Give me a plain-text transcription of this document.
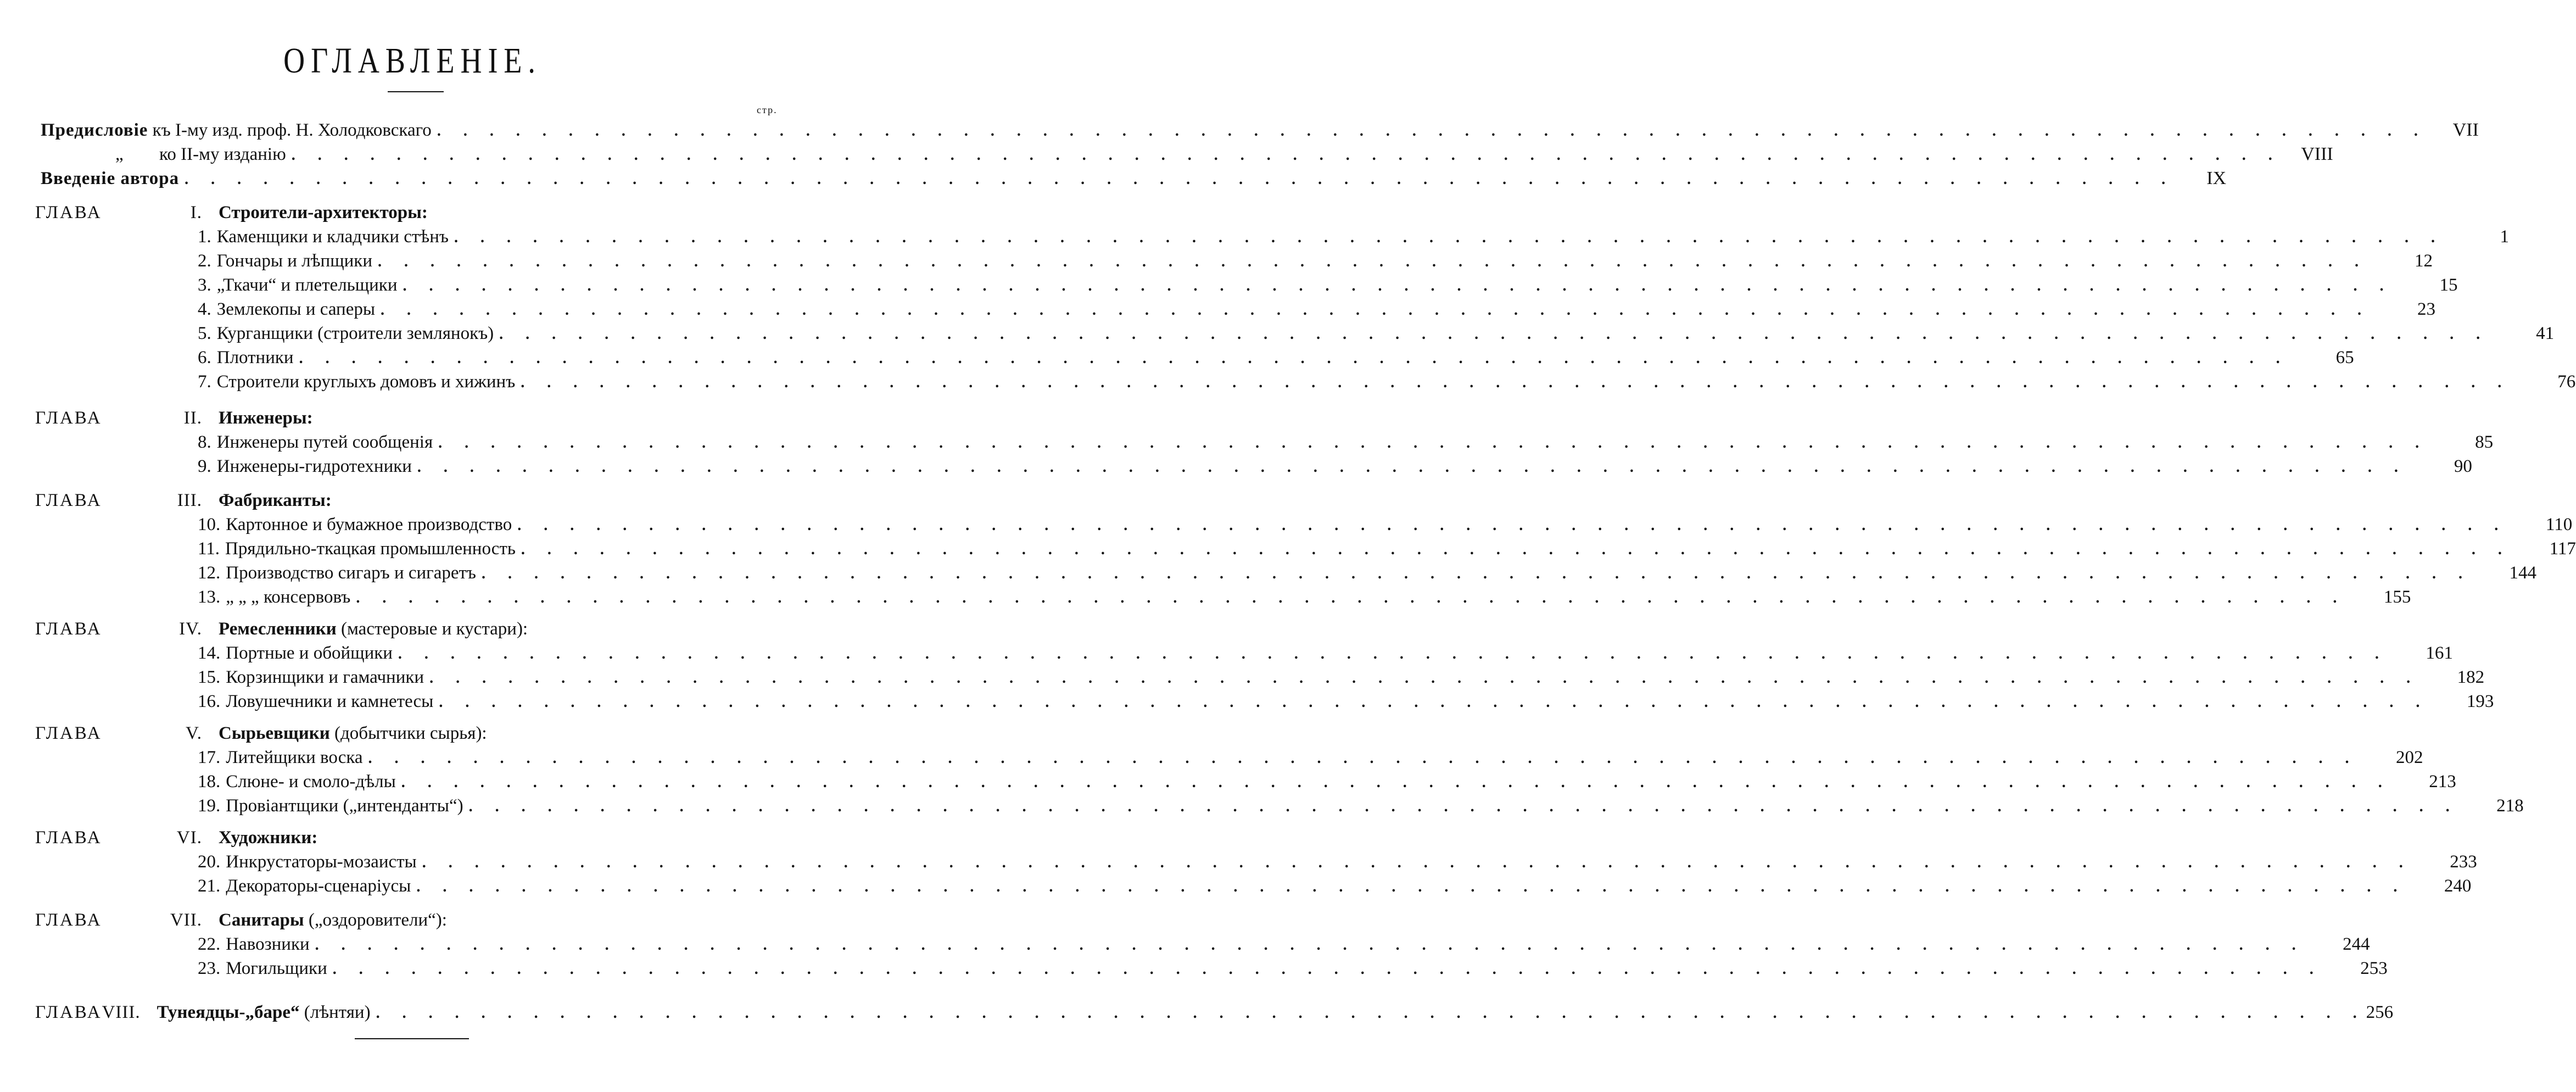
ОГЛАВЛЕНІЕ.
стр.
Предисловіе къ I-му изд. проф. Н. Холодковскаго . . . . . . . . . . . . . . . . . . . . . . . . . . . . . . . . . . . . . . . . . . . . . . . . . . . . . . . . . . . . . . . . . . . . . . . . . . . .	VII
„ ко II-му изданію . . . . . . . . . . . . . . . . . . . . . . . . . . . . . . . . . . . . . . . . . . . . . . . . . . . . . . . . . . . . . . . . . . . . . . . . . . . .	VIII
Введеніе автора . . . . . . . . . . . . . . . . . . . . . . . . . . . . . . . . . . . . . . . . . . . . . . . . . . . . . . . . . . . . . . . . . . . . . . . . . . . .	IX
ГЛАВА	I. Строители-архитекторы:
1. Каменщики и кладчики стѣнъ . . . . . . . . . . . . . . . . . . . . . . . . . . . . . . . . . . . . . . . . . . . . . . . . . . . . . . . . . . . . . . . . . . . . . . . . . . . .	1
2. Гончары и лѣпщики . . . . . . . . . . . . . . . . . . . . . . . . . . . . . . . . . . . . . . . . . . . . . . . . . . . . . . . . . . . . . . . . . . . . . . . . . . . .	12
3. „Ткачи“ и плетельщики . . . . . . . . . . . . . . . . . . . . . . . . . . . . . . . . . . . . . . . . . . . . . . . . . . . . . . . . . . . . . . . . . . . . . . . . . . . .	15
4. Землекопы и саперы . . . . . . . . . . . . . . . . . . . . . . . . . . . . . . . . . . . . . . . . . . . . . . . . . . . . . . . . . . . . . . . . . . . . . . . . . . . .	23
5. Курганщики (строители землянокъ) . . . . . . . . . . . . . . . . . . . . . . . . . . . . . . . . . . . . . . . . . . . . . . . . . . . . . . . . . . . . . . . . . . . . . . . . . . . .	41
6. Плотники . . . . . . . . . . . . . . . . . . . . . . . . . . . . . . . . . . . . . . . . . . . . . . . . . . . . . . . . . . . . . . . . . . . . . . . . . . . .	65
7. Строители круглыхъ домовъ и хижинъ . . . . . . . . . . . . . . . . . . . . . . . . . . . . . . . . . . . . . . . . . . . . . . . . . . . . . . . . . . . . . . . . . . . . . . . . . . . .	76
ГЛАВА	II. Инженеры:
8. Инженеры путей сообщенія . . . . . . . . . . . . . . . . . . . . . . . . . . . . . . . . . . . . . . . . . . . . . . . . . . . . . . . . . . . . . . . . . . . . . . . . . . . .	85
9. Инженеры-гидротехники . . . . . . . . . . . . . . . . . . . . . . . . . . . . . . . . . . . . . . . . . . . . . . . . . . . . . . . . . . . . . . . . . . . . . . . . . . . .	90
ГЛАВА	III. Фабриканты:
10. Картонное и бумажное производство . . . . . . . . . . . . . . . . . . . . . . . . . . . . . . . . . . . . . . . . . . . . . . . . . . . . . . . . . . . . . . . . . . . . . . . . . . . .	110
11. Прядильно-ткацкая промышленность . . . . . . . . . . . . . . . . . . . . . . . . . . . . . . . . . . . . . . . . . . . . . . . . . . . . . . . . . . . . . . . . . . . . . . . . . . . .	117
12. Производство сигаръ и сигаретъ . . . . . . . . . . . . . . . . . . . . . . . . . . . . . . . . . . . . . . . . . . . . . . . . . . . . . . . . . . . . . . . . . . . . . . . . . . . .	144
13. „ „ „ консервовъ . . . . . . . . . . . . . . . . . . . . . . . . . . . . . . . . . . . . . . . . . . . . . . . . . . . . . . . . . . . . . . . . . . . . . . . . . . . .	155
ГЛАВА	IV. Ремесленники (мастеровые и кустари):
14. Портные и обойщики . . . . . . . . . . . . . . . . . . . . . . . . . . . . . . . . . . . . . . . . . . . . . . . . . . . . . . . . . . . . . . . . . . . . . . . . . . . .	161
15. Корзинщики и гамачники . . . . . . . . . . . . . . . . . . . . . . . . . . . . . . . . . . . . . . . . . . . . . . . . . . . . . . . . . . . . . . . . . . . . . . . . . . . .	182
16. Ловушечники и камнетесы . . . . . . . . . . . . . . . . . . . . . . . . . . . . . . . . . . . . . . . . . . . . . . . . . . . . . . . . . . . . . . . . . . . . . . . . . . . .	193
ГЛАВА	V. Сырьевщики (добытчики сырья):
17. Литейщики воска . . . . . . . . . . . . . . . . . . . . . . . . . . . . . . . . . . . . . . . . . . . . . . . . . . . . . . . . . . . . . . . . . . . . . . . . . . . .	202
18. Слюне- и смоло-дѣлы . . . . . . . . . . . . . . . . . . . . . . . . . . . . . . . . . . . . . . . . . . . . . . . . . . . . . . . . . . . . . . . . . . . . . . . . . . . .	213
19. Провіантщики („интенданты“) . . . . . . . . . . . . . . . . . . . . . . . . . . . . . . . . . . . . . . . . . . . . . . . . . . . . . . . . . . . . . . . . . . . . . . . . . . . .	218
ГЛАВА	VI. Художники:
20. Инкрустаторы-мозаисты . . . . . . . . . . . . . . . . . . . . . . . . . . . . . . . . . . . . . . . . . . . . . . . . . . . . . . . . . . . . . . . . . . . . . . . . . . . .	233
21. Декораторы-сценаріусы . . . . . . . . . . . . . . . . . . . . . . . . . . . . . . . . . . . . . . . . . . . . . . . . . . . . . . . . . . . . . . . . . . . . . . . . . . . .	240
ГЛАВА	VII. Санитары („оздоровители“):
22. Навозники . . . . . . . . . . . . . . . . . . . . . . . . . . . . . . . . . . . . . . . . . . . . . . . . . . . . . . . . . . . . . . . . . . . . . . . . . . . .	244
23. Могильщики . . . . . . . . . . . . . . . . . . . . . . . . . . . . . . . . . . . . . . . . . . . . . . . . . . . . . . . . . . . . . . . . . . . . . . . . . . . .	253
ГЛАВА VIII. Тунеядцы-„баре“ (лѣнтяи) . . . . . . . . . . . . . . . . . . . . . . . . . . . . . . . . . . . . . . . . . . . . . . . . . . . . . . . . . . . . . . . . . . . . . . . . . . . . 256
